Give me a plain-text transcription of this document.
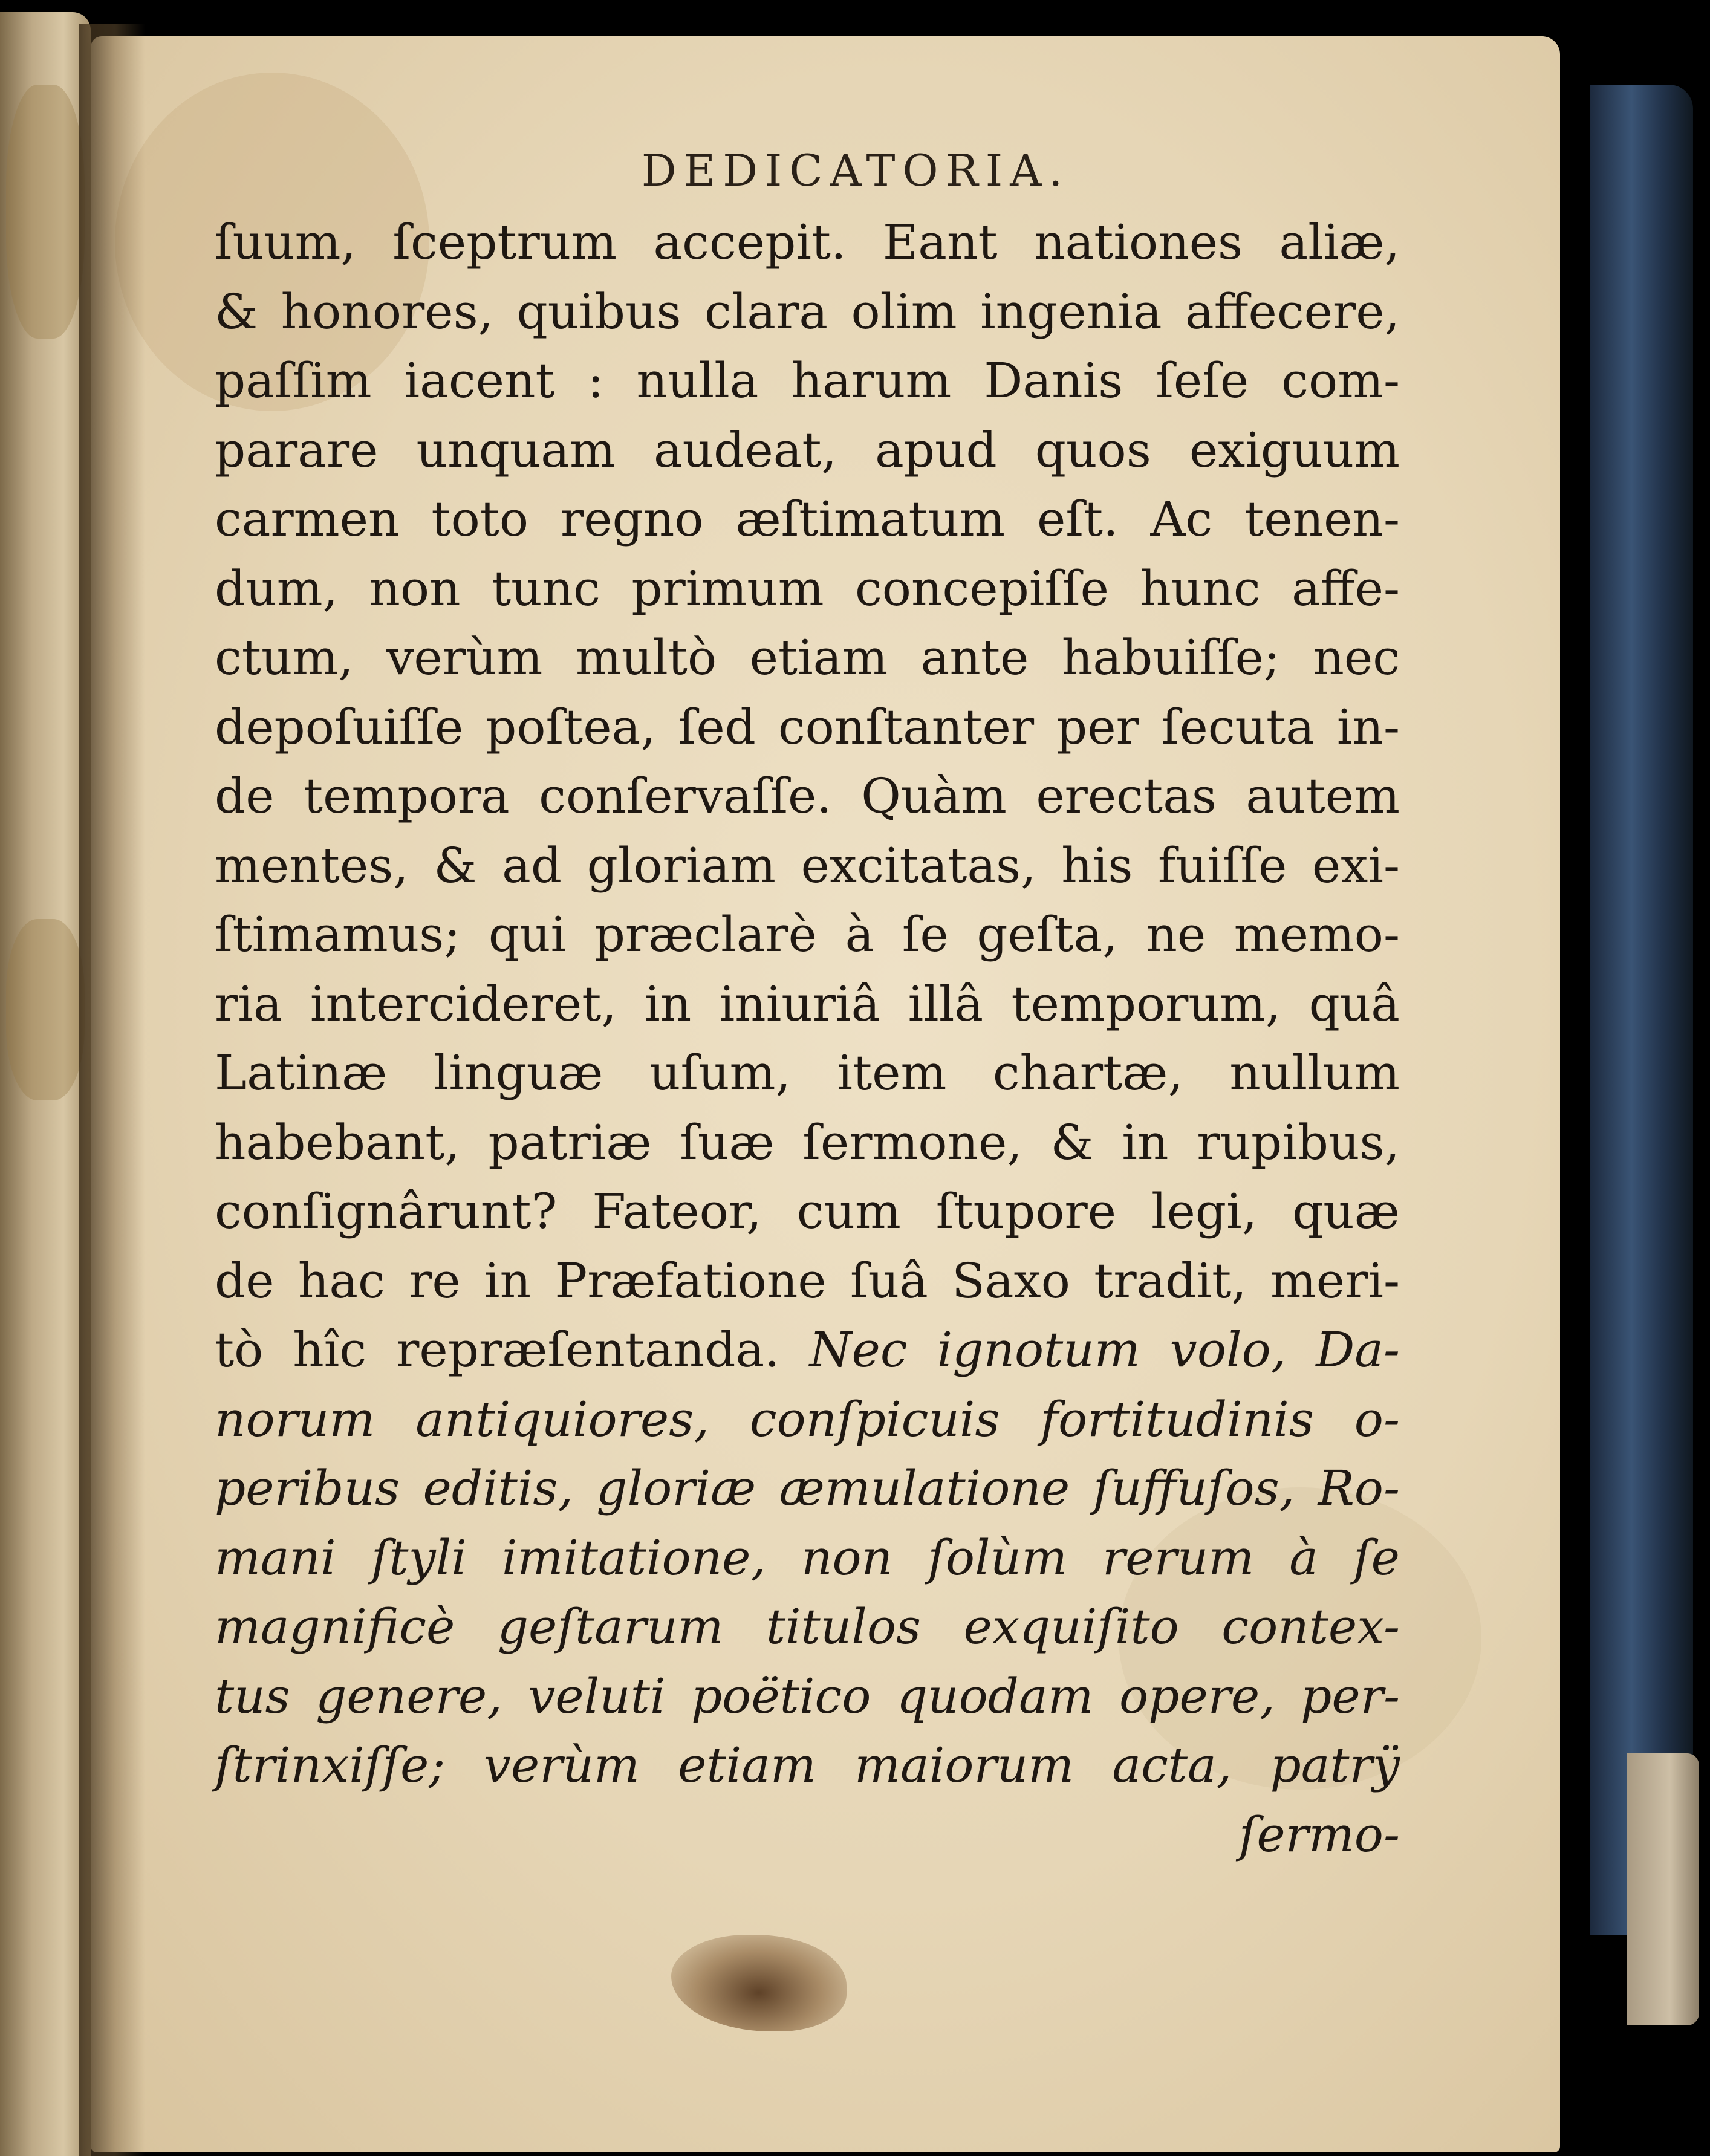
DEDICATORIA.

ſuum, ſceptrum accepit. Eant nationes aliæ,

& honores, quibus clara olim ingenia affecere,

paſſim iacent : nulla harum Danis ſeſe com-

parare unquam audeat, apud quos exiguum

carmen toto regno æſtimatum eſt. Ac tenen-

dum, non tunc primum concepiſſe hunc affe-

ctum, verùm multò etiam ante habuiſſe; nec

depoſuiſſe poſtea, ſed conſtanter per ſecuta in-

de tempora conſervaſſe. Quàm erectas autem

mentes, & ad gloriam excitatas, his fuiſſe exi-

ſtimamus; qui præclarè à ſe geſta, ne memo-

ria intercideret, in iniuriâ illâ temporum, quâ

Latinæ linguæ uſum, item chartæ, nullum

habebant, patriæ ſuæ ſermone, & in rupibus,

conſignârunt? Fateor, cum ſtupore legi, quæ

de hac re in Præfatione ſuâ Saxo tradit, meri-

tò hîc repræſentanda. Nec ignotum volo, Da-

norum antiquiores, conſpicuis fortitudinis o-

peribus editis, gloriæ æmulatione ſuffuſos, Ro-

mani ſtyli imitatione, non ſolùm rerum à ſe

magnificè geſtarum titulos exquiſito contex-

tus genere, veluti poëtico quodam opere, per-

ſtrinxiſſe; verùm etiam maiorum acta, patrÿ

ſermo-
